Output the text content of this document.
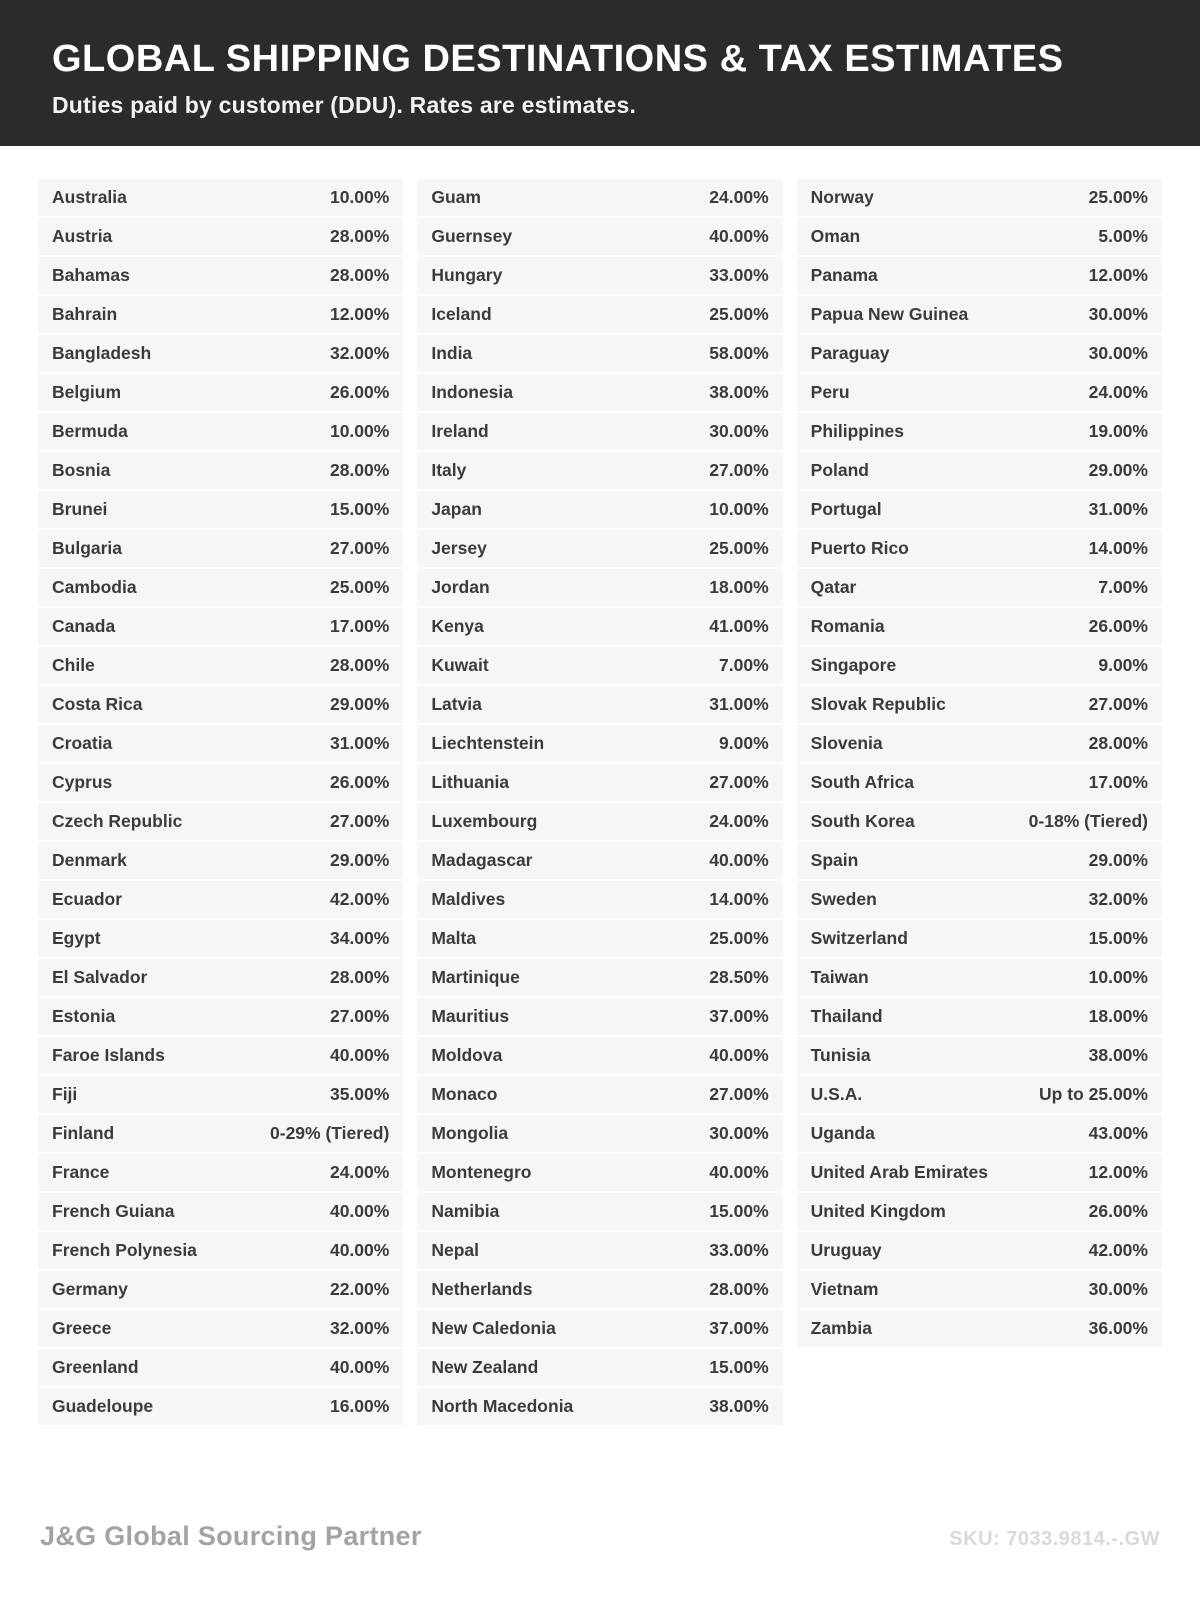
GLOBAL SHIPPING DESTINATIONS & TAX ESTIMATES

Duties paid by customer (DDU). Rates are estimates.

Australia	10.00%
Austria	28.00%
Bahamas	28.00%
Bahrain	12.00%
Bangladesh	32.00%
Belgium	26.00%
Bermuda	10.00%
Bosnia	28.00%
Brunei	15.00%
Bulgaria	27.00%
Cambodia	25.00%
Canada	17.00%
Chile	28.00%
Costa Rica	29.00%
Croatia	31.00%
Cyprus	26.00%
Czech Republic	27.00%
Denmark	29.00%
Ecuador	42.00%
Egypt	34.00%
El Salvador	28.00%
Estonia	27.00%
Faroe Islands	40.00%
Fiji	35.00%
Finland	0-29% (Tiered)
France	24.00%
French Guiana	40.00%
French Polynesia	40.00%
Germany	22.00%
Greece	32.00%
Greenland	40.00%
Guadeloupe	16.00%
Guam	24.00%
Guernsey	40.00%
Hungary	33.00%
Iceland	25.00%
India	58.00%
Indonesia	38.00%
Ireland	30.00%
Italy	27.00%
Japan	10.00%
Jersey	25.00%
Jordan	18.00%
Kenya	41.00%
Kuwait	7.00%
Latvia	31.00%
Liechtenstein	9.00%
Lithuania	27.00%
Luxembourg	24.00%
Madagascar	40.00%
Maldives	14.00%
Malta	25.00%
Martinique	28.50%
Mauritius	37.00%
Moldova	40.00%
Monaco	27.00%
Mongolia	30.00%
Montenegro	40.00%
Namibia	15.00%
Nepal	33.00%
Netherlands	28.00%
New Caledonia	37.00%
New Zealand	15.00%
North Macedonia	38.00%
Norway	25.00%
Oman	5.00%
Panama	12.00%
Papua New Guinea	30.00%
Paraguay	30.00%
Peru	24.00%
Philippines	19.00%
Poland	29.00%
Portugal	31.00%
Puerto Rico	14.00%
Qatar	7.00%
Romania	26.00%
Singapore	9.00%
Slovak Republic	27.00%
Slovenia	28.00%
South Africa	17.00%
South Korea	0-18% (Tiered)
Spain	29.00%
Sweden	32.00%
Switzerland	15.00%
Taiwan	10.00%
Thailand	18.00%
Tunisia	38.00%
U.S.A.	Up to 25.00%
Uganda	43.00%
United Arab Emirates	12.00%
United Kingdom	26.00%
Uruguay	42.00%
Vietnam	30.00%
Zambia	36.00%
J&G Global Sourcing Partner	SKU: 7033.9814.-.GW
